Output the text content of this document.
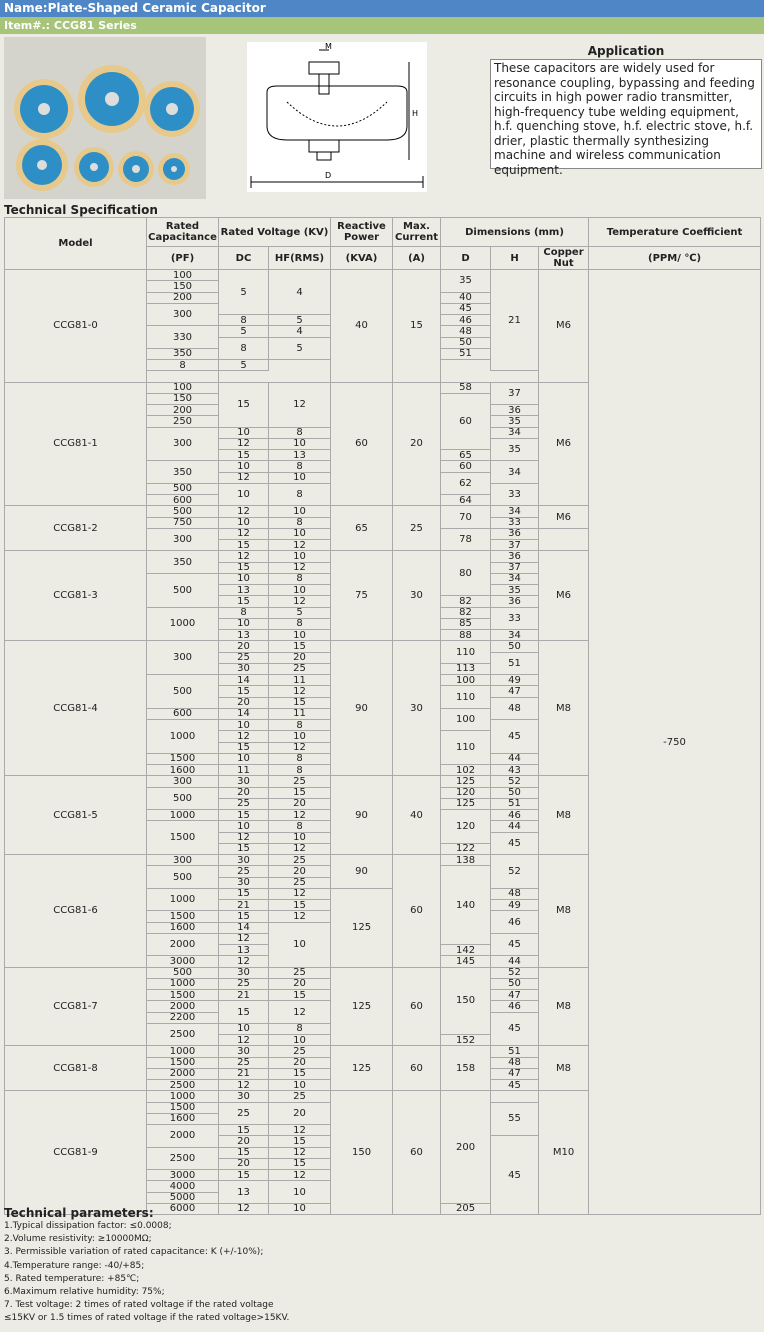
Name:Plate-Shaped Ceramic Capacitor
Item#.: CCG81 Series
M
H
D
Application
These capacitors are widely used for resonance coupling, bypassing and feeding circuits in high power radio transmitter, high-frequency tube welding equipment, h.f. quenching stove, h.f. electric stove, h.f. drier, plastic thermally synthesizing machine and wireless communication equipment.
Technical Specification
Model	Rated Capacitance	Rated Voltage (KV)		Reactive Power	Max. Current	Dimensions (mm)			Temperature Coefficient
	(PF)	DC	HF(RMS)	(KVA)	(A)	D	H	Copper Nut	(PPM/ ℃)
CCG81-0	100	5	4	40	15	35	21	M6	-750
	150								
	200					40			
	300					45			
		8	5			46			
	330	5	4			48			
		8	5			50			
	350					51			
	8	5							

CCG81-1	100	15	12	60	20	58	37	M6	
	150					60			
	200						36		
	250						35		
	300	10	8				34		
		12	10				35		
		15	13			65			
	350	10	8			60	34		
		12	10			62			
	500	10	8				33		
	600					64			
CCG81-2	500	12	10	65	25	70	34	M6	
	750	10	8				33		
	300	12	10			78	36		
		15	12				37		
CCG81-3	350	12	10	75	30	80	36	M6	
		15	12				37		
	500	10	8				34		
		13	10				35		
		15	12			82	36		
	1000	8	5			82	33		
		10	8			85			
		13	10			88	34		
CCG81-4	300	20	15	90	30	110	50	M8	
		25	20				51		
		30	25			113			
	500	14	11			100	49		
		15	12			110	47		
		20	15				48		
	600	14	11			100			
	1000	10	8				45		
		12	10			110			
		15	12						
	1500	10	8				44		
	1600	11	8			102	43		
CCG81-5	300	30	25	90	40	125	52	M8	
	500	20	15			120	50		
		25	20			125	51		
	1000	15	12			120	46		
	1500	10	8				44		
		12	10				45		
		15	12			122			
CCG81-6	300	30	25	90	60	138	52	M8	
	500	25	20			140			
		30	25						
	1000	15	12	125			48		
		21	15				49		
	1500	15	12				46		
	1600	14	10						
	2000	12					45		
		13				142			
	3000	12				145	44		
CCG81-7	500	30	25	125	60	150	52	M8	
	1000	25	20				50		
	1500	21	15				47		
	2000	15	12				46		
	2200						45		
	2500	10	8						
		12	10			152			
CCG81-8	1000	30	25	125	60	158	51	M8	
	1500	25	20				48		
	2000	21	15				47		
	2500	12	10				45		
CCG81-9	1000	30	25	150	60	200		M10	
	1500	25	20				55		
	1600								
	2000	15	12						
		20	15				45		
	2500	15	12						
		20	15						
	3000	15	12						
	4000	13	10						
	5000								
	6000	12	10			205			
Technical parameters:
1.Typical dissipation factor: ≤0.0008;
2.Volume resistivity: ≥10000MΩ;
3. Permissible variation of rated capacitance: K (+/-10%);
4.Temperature range: -40/+85;
5. Rated temperature: +85℃;
6.Maximum relative humidity: 75%;
7. Test voltage: 2 times of rated voltage if the rated voltage
≤15KV or 1.5 times of rated voltage if the rated voltage>15KV.
